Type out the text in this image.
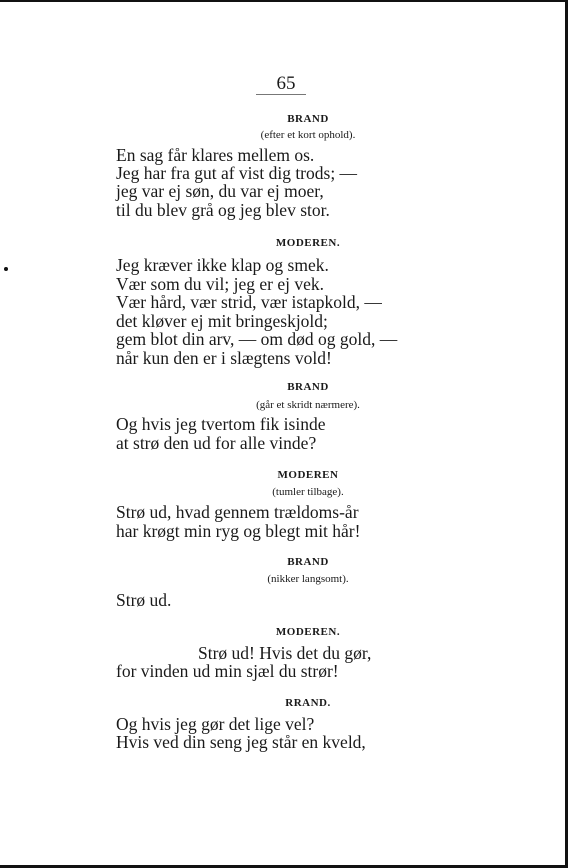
65
BRAND
(efter et kort ophold).
En sag får klares mellem os.
Jeg har fra gut af vist dig trods; —
jeg var ej søn, du var ej moer,
til du blev grå og jeg blev stor.
MODEREN.
Jeg kræver ikke klap og smek.
Vær som du vil; jeg er ej vek.
Vær hård, vær strid, vær istapkold, —
det kløver ej mit bringeskjold;
gem blot din arv, — om død og gold, —
når kun den er i slægtens vold!
BRAND
(går et skridt nærmere).
Og hvis jeg tvertom fik isinde
at strø den ud for alle vinde?
MODEREN
(tumler tilbage).
Strø ud, hvad gennem trældoms-år
har krøgt min ryg og blegt mit hår!
BRAND
(nikker langsomt).
Strø ud.
MODEREN.
Strø ud! Hvis det du gør,
for vinden ud min sjæl du strør!
RRAND.
Og hvis jeg gør det lige vel?
Hvis ved din seng jeg står en kveld,
